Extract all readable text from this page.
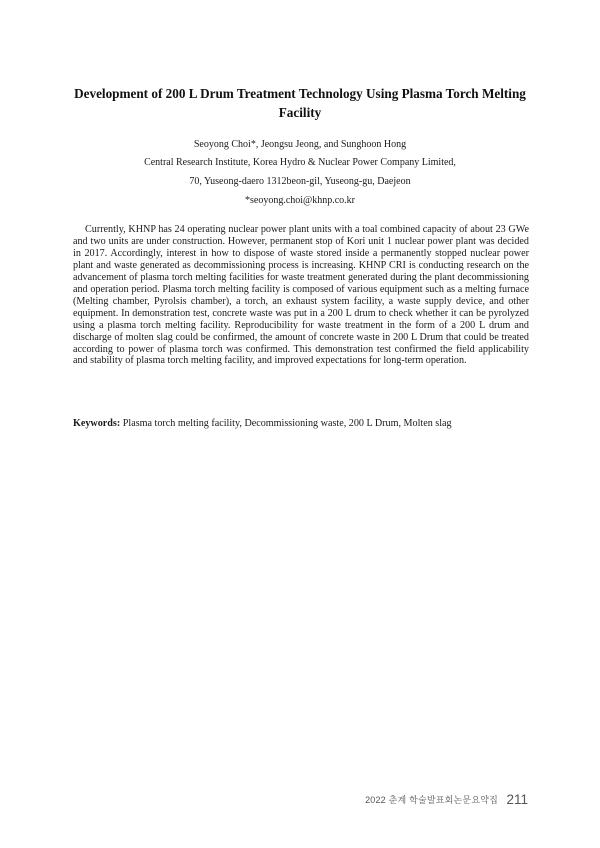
Development of 200 L Drum Treatment Technology Using Plasma Torch Melting Facility
Seoyong Choi*, Jeongsu Jeong, and Sunghoon Hong
Central Research Institute, Korea Hydro & Nuclear Power Company Limited,
70, Yuseong-daero 1312beon-gil, Yuseong-gu, Daejeon
*seoyong.choi@khnp.co.kr

Currently, KHNP has 24 operating nuclear power plant units with a toal combined capacity of about 23 GWe and two units are under construction. However, permanent stop of Kori unit 1 nuclear power plant was decided in 2017. Accordingly, interest in how to dispose of waste stored inside a permanently stopped nuclear power plant and waste generated as decommissioning process is increasing. KHNP CRI is conducting research on the advancement of plasma torch melting facilities for waste treatment generated during the plant decommissioning and operation period. Plasma torch melting facility is composed of various equipment such as a melting furnace (Melting chamber, Pyrolsis chamber), a torch, an exhaust system facility, a waste supply device, and other equipment. In demonstration test, concrete waste was put in a 200 L drum to check whether it can be pyrolyzed using a plasma torch melting facility. Reproducibility for waste treatment in the form of a 200 L drum and discharge of molten slag could be confirmed, the amount of concrete waste in 200 L Drum that could be treated according to power of plasma torch was confirmed. This demonstration test confirmed the field applicability and stability of plasma torch melting facility, and improved expectations for long-term operation.

Keywords: Plasma torch melting facility, Decommissioning waste, 200 L Drum, Molten slag

2022 춘계 학술발표회논문요약집 211
